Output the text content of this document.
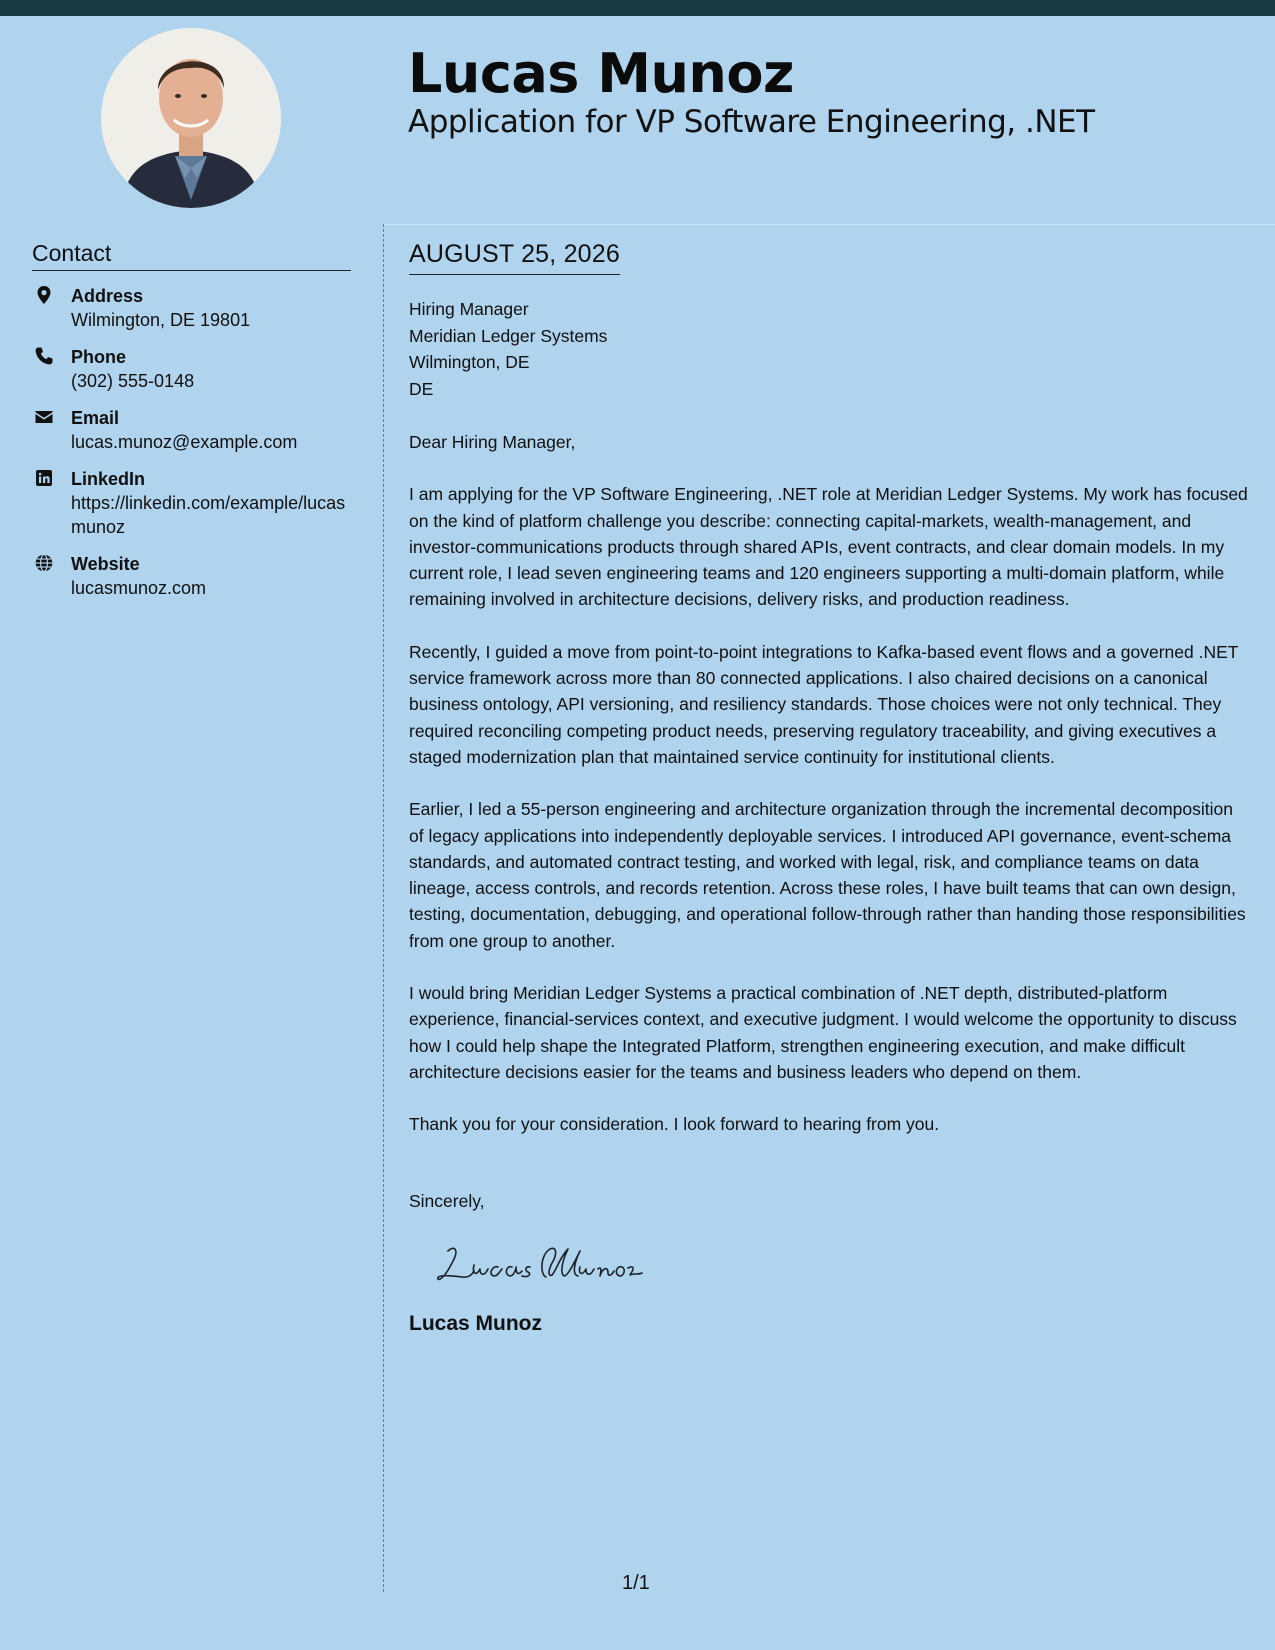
Lucas Munoz
Application for VP Software Engineering, .NET
Contact
Address
Wilmington, DE 19801
Phone
(302) 555-0148
Email
lucas.munoz@example.com
LinkedIn
https://linkedin.com/example/lucasmunoz
Website
lucasmunoz.com
AUGUST 25, 2026
Hiring Manager
Meridian Ledger Systems
Wilmington, DE
DE
Dear Hiring Manager,
I am applying for the VP Software Engineering, .NET role at Meridian Ledger Systems. My work has focused on the kind of platform challenge you describe: connecting capital-markets, wealth-management, and investor-communications products through shared APIs, event contracts, and clear domain models. In my current role, I lead seven engineering teams and 120 engineers supporting a multi-domain platform, while remaining involved in architecture decisions, delivery risks, and production readiness.
Recently, I guided a move from point-to-point integrations to Kafka-based event flows and a governed .NET service framework across more than 80 connected applications. I also chaired decisions on a canonical business ontology, API versioning, and resiliency standards. Those choices were not only technical. They required reconciling competing product needs, preserving regulatory traceability, and giving executives a staged modernization plan that maintained service continuity for institutional clients.
Earlier, I led a 55-person engineering and architecture organization through the incremental decomposition of legacy applications into independently deployable services. I introduced API governance, event-schema standards, and automated contract testing, and worked with legal, risk, and compliance teams on data lineage, access controls, and records retention. Across these roles, I have built teams that can own design, testing, documentation, debugging, and operational follow-through rather than handing those responsibilities from one group to another.
I would bring Meridian Ledger Systems a practical combination of .NET depth, distributed-platform experience, financial-services context, and executive judgment. I would welcome the opportunity to discuss how I could help shape the Integrated Platform, strengthen engineering execution, and make difficult architecture decisions easier for the teams and business leaders who depend on them.
Thank you for your consideration. I look forward to hearing from you.
Sincerely,
Lucas Munoz
1/1
